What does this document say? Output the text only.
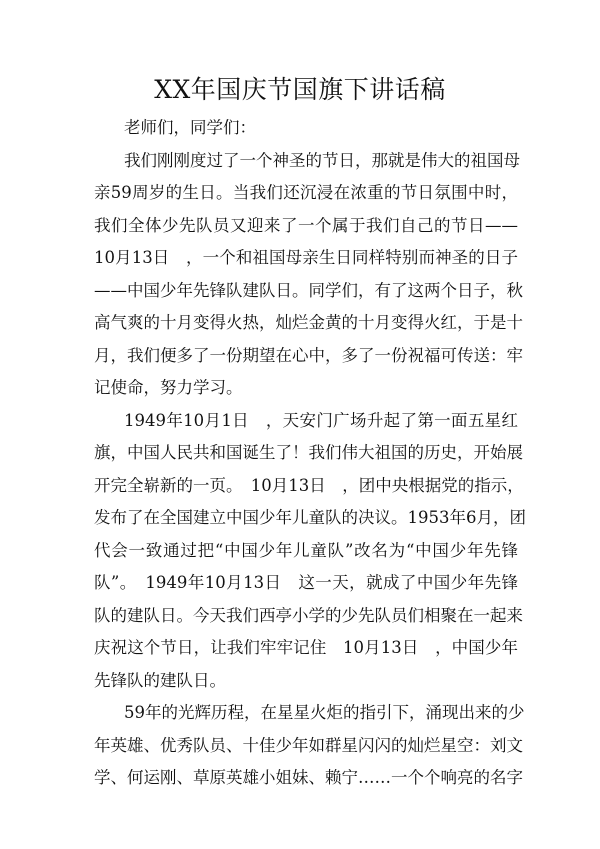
XX年国庆节国旗下讲话稿
老师们，同学们：
我们刚刚度过了一个神圣的节日，那就是伟大的祖国母
亲59周岁的生日。当我们还沉浸在浓重的节日氛围中时，
我们全体少先队员又迎来了一个属于我们自己的节日——
10月13日　，一个和祖国母亲生日同样特别而神圣的日子
——中国少年先锋队建队日。同学们，有了这两个日子，秋
高气爽的十月变得火热，灿烂金黄的十月变得火红，于是十
月，我们便多了一份期望在心中，多了一份祝福可传送：牢
记使命，努力学习。
1949年10月1日　，天安门广场升起了第一面五星红
旗，中国人民共和国诞生了！我们伟大祖国的历史，开始展
开完全崭新的一页。　10月13日　，团中央根据党的指示，
发布了在全国建立中国少年儿童队的决议。1953年6月，团
代会一致通过把“中国少年儿童队”改名为“中国少年先锋
队”。　1949年10月13日　这一天，就成了中国少年先锋
队的建队日。今天我们西亭小学的少先队员们相聚在一起来
庆祝这个节日，让我们牢牢记住　10月13日　，中国少年
先锋队的建队日。
59年的光辉历程，在星星火炬的指引下，涌现出来的少
年英雄、优秀队员、十佳少年如群星闪闪的灿烂星空：刘文
学、何运刚、草原英雄小姐妹、赖宁……一个个响亮的名字
